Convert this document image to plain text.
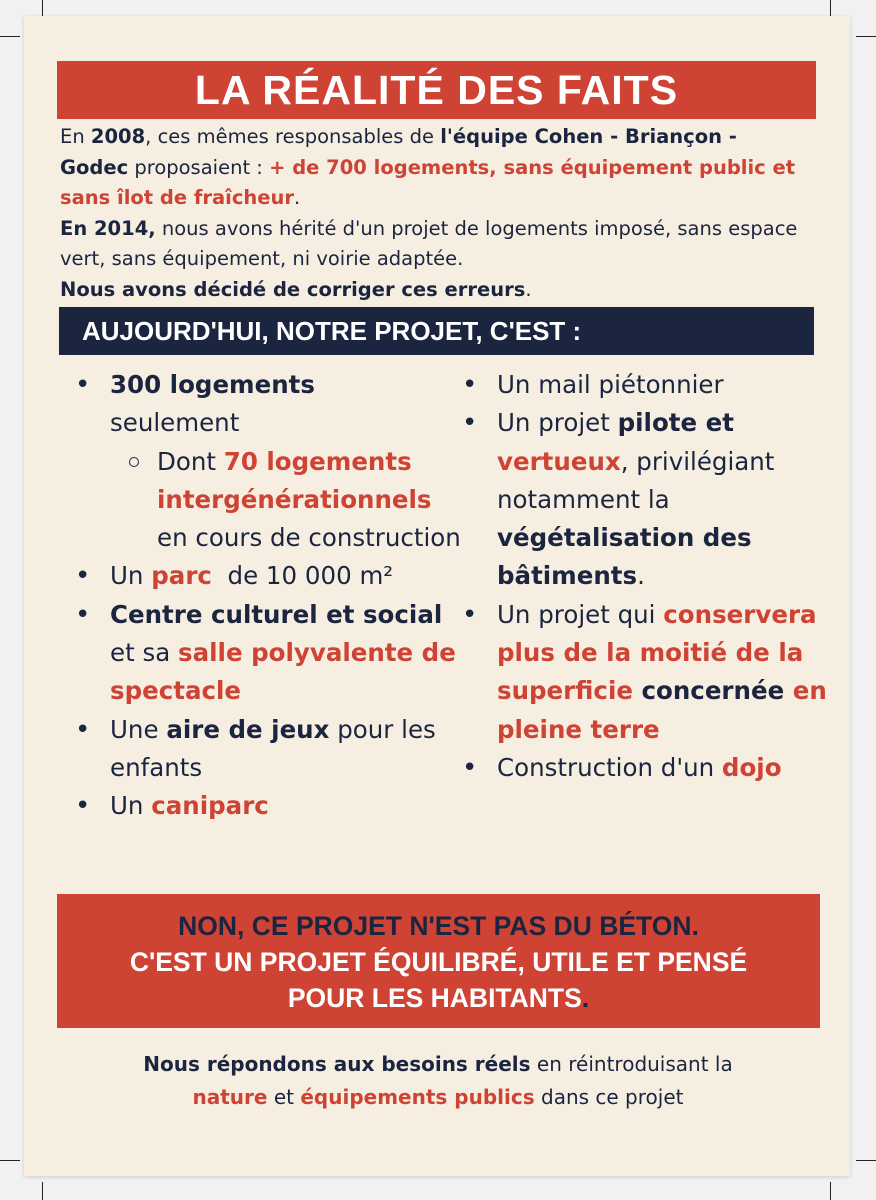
LA RÉALITÉ DES FAITS

En 2008, ces mêmes responsables de l'équipe Cohen - Briançon -
Godec proposaient : + de 700 logements, sans équipement public et
sans îlot de fraîcheur.

En 2014, nous avons hérité d'un projet de logements imposé, sans espace vert, sans équipement, ni voirie adaptée.

Nous avons décidé de corriger ces erreurs.

AUJOURD'HUI, NOTRE PROJET, C'EST :
• 300 logements
seulement
Dont 70 logements intergénérationnels
en cours de construction
• Un parc  de 10 000 m²
• Centre culturel et social
et sa salle polyvalente de spectacle
• Une aire de jeux pour les enfants
• Un caniparc
• Un mail piétonnier
• Un projet pilote et
vertueux, privilégiant notamment la végétalisation des bâtiments.
• Un projet qui conservera plus de la moitié de la superficie concernée en pleine terre
• Construction d'un dojo
NON, CE PROJET N'EST PAS DU BÉTON.
C'EST UN PROJET ÉQUILIBRÉ, UTILE ET PENSÉ
POUR LES HABITANTS.
Nous répondons aux besoins réels en réintroduisant la
nature et équipements publics dans ce projet
